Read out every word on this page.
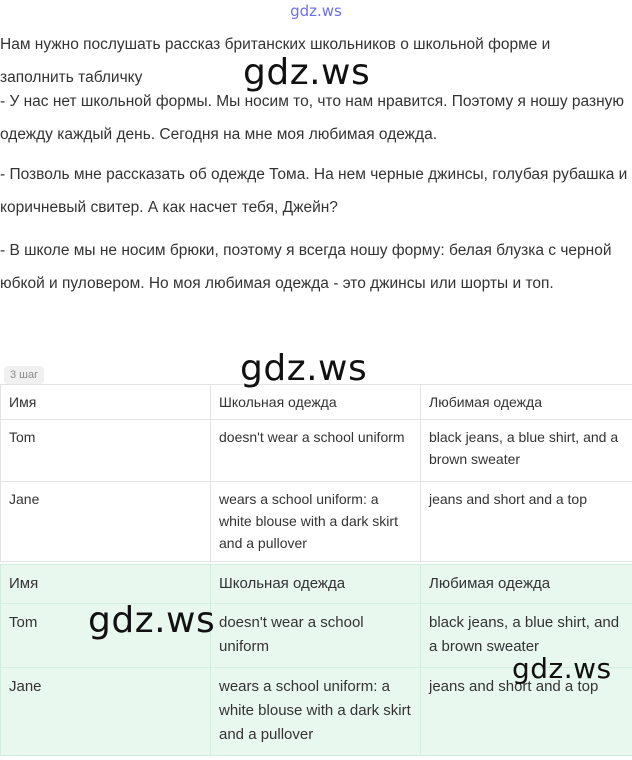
gdz.ws

Нам нужно послушать рассказ британских школьников о школьной форме и заполнить табличку

- У нас нет школьной формы. Мы носим то, что нам нравится. Поэтому я ношу разную одежду каждый день. Сегодня на мне моя любимая одежда.

- Позволь мне рассказать об одежде Тома. На нем черные джинсы, голубая рубашка и коричневый свитер. А как насчет тебя, Джейн?

- В школе мы не носим брюки, поэтому я всегда ношу форму: белая блузка с черной юбкой и пуловером. Но моя любимая одежда - это джинсы или шорты и топ.

3 шаг
Имя	Школьная одежда	Любимая одежда
Tom	doesn't wear a school uniform	black jeans, a blue shirt, and a brown sweater
Jane	wears a school uniform: a white blouse with a dark skirt and a pullover	jeans and short and a top
Имя	Школьная одежда	Любимая одежда
Tom	doesn't wear a school uniform	black jeans, a blue shirt, and a brown sweater
Jane	wears a school uniform: a white blouse with a dark skirt and a pullover	jeans and short and a top
gdz.ws
gdz.ws
gdz.ws
gdz.ws
